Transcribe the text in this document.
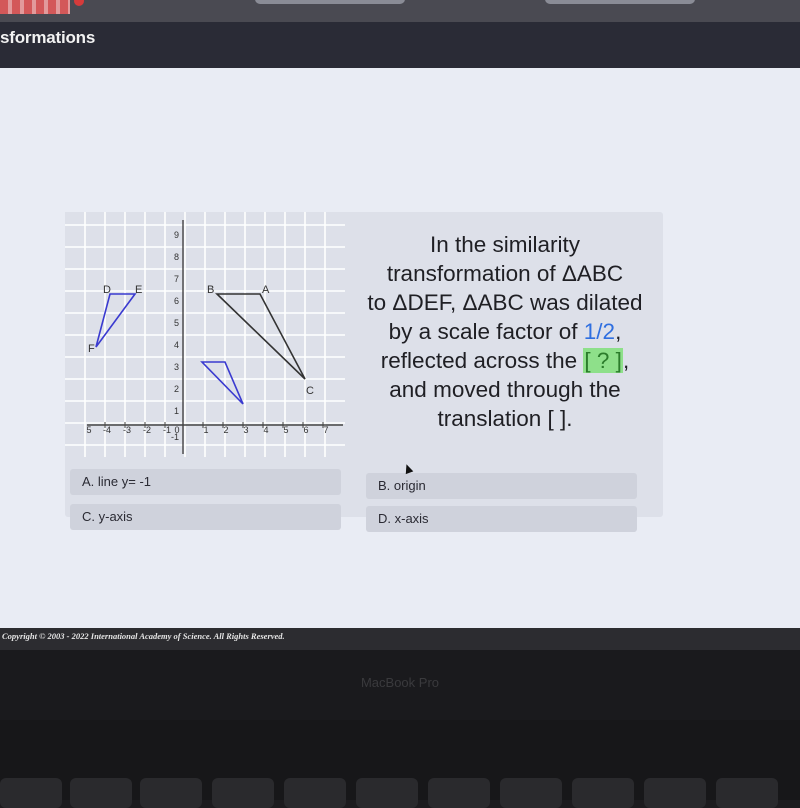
sformations
5 -4 -3 -2 -1 0	1 2 3 4 5 6 7
9
8
7
6
5
4
3
2
1
-1
D E
F
B	A
C
In the similarity
transformation of ΔABC
to ΔDEF, ΔABC was dilated
by a scale factor of 1/2,
reflected across the [ ? ],
and moved through the
translation [ ].
A. line y= -1	B. origin
C. y-axis	D. x-axis
Copyright © 2003 - 2022 International Academy of Science. All Rights Reserved.
MacBook Pro
